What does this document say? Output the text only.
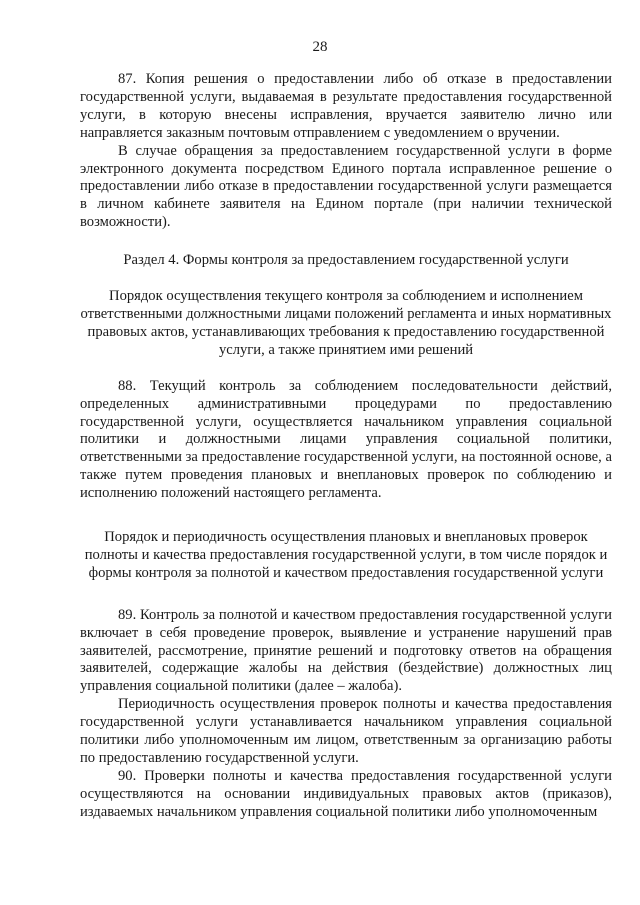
28

87. Копия решения о предоставлении либо об отказе в предоставлении государственной услуги, выдаваемая в результате предоставления государственной услуги, в которую внесены исправления, вручается заявителю лично или направляется заказным почтовым отправлением с уведомлением о вручении.

В случае обращения за предоставлением государственной услуги в форме электронного документа посредством Единого портала исправленное решение о предоставлении либо отказе в предоставлении государственной услуги размещается в личном кабинете заявителя на Едином портале (при наличии технической возможности).

Раздел 4. Формы контроля за предоставлением государственной услуги

Порядок осуществления текущего контроля за соблюдением и исполнением ответственными должностными лицами положений регламента и иных нормативных правовых актов, устанавливающих требования к предоставлению государственной услуги, а также принятием ими решений

88. Текущий контроль за соблюдением последовательности действий, определенных административными процедурами по предоставлению государственной услуги, осуществляется начальником управления социальной политики и должностными лицами управления социальной политики, ответственными за предоставление государственной услуги, на постоянной основе, а также путем проведения плановых и внеплановых проверок по соблюдению и исполнению положений настоящего регламента.

Порядок и периодичность осуществления плановых и внеплановых проверок полноты и качества предоставления государственной услуги, в том числе порядок и формы контроля за полнотой и качеством предоставления государственной услуги

89. Контроль за полнотой и качеством предоставления государственной услуги включает в себя проведение проверок, выявление и устранение нарушений прав заявителей, рассмотрение, принятие решений и подготовку ответов на обращения заявителей, содержащие жалобы на действия (бездействие) должностных лиц управления социальной политики (далее – жалоба).

Периодичность осуществления проверок полноты и качества предоставления государственной услуги устанавливается начальником управления социальной политики либо уполномоченным им лицом, ответственным за организацию работы по предоставлению государственной услуги.

90. Проверки полноты и качества предоставления государственной услуги осуществляются на основании индивидуальных правовых актов (приказов), издаваемых начальником управления социальной политики либо уполномоченным
